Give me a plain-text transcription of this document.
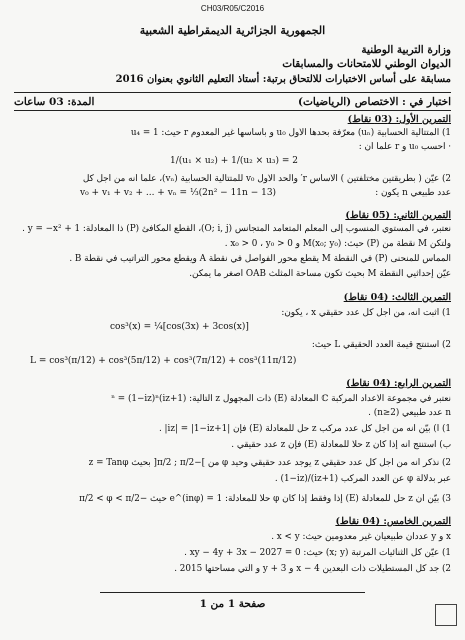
CH03/R05/C2016
الجمهورية الجزائرية الديمقراطية الشعبية
وزارة التربية الوطنية
الديوان الوطني للامتحانات والمسابقات
مسابقة على أساس الاختبارات للالتحاق برتبة: أستاذ التعليم الثانوي بعنوان 2016
اختبار في : الاختصاص (الرياضيات)
المدة: 03 ساعات
التمرين الأول: (03 نقاط)
1) المتتالية الحسابية (uₙ) معرّفة بحدها الأول u₀ و بأساسها غير المعدوم r حيث: u₄ = 1
· احسب u₀ و r علما أن :
1/(u₁ × u₂) + 1/(u₂ × u₃) = 2
2) عيّن ( بطريقتين مختلفتين ) الأساس r′ والحد الأول v₀ للمتتالية الحسابية (vₙ)، علما أنه من أجل كل
عدد طبيعي n يكون :
v₀ + v₁ + v₂ + ... + vₙ = ⅓(2n² − 11n − 13)
التمرين الثاني: (05 نقاط)
نعتبر، في المستوي المنسوب إلى المعلم المتعامد المتجانس (O; i, j)، القطع المكافئ (P) ذا المعادلة: y = −x² + 1 .
ولتكن M نقطة من (P) حيث: M(x₀; y₀) و x₀ > 0 ، y₀ > 0 .
المماس للمنحنى (P) في النقطة M يقطع محور الفواصل في نقطة A ويقطع محور التراتيب في نقطة B .
عيّن إحداثيي النقطة M بحيث تكون مساحة المثلث OAB أصغر ما يمكن.
التمرين الثالث: (04 نقاط)
1) أثبت أنه، من أجل كل عدد حقيقي x ، يكون:
cos³(x) = ¼[cos(3x) + 3cos(x)]
2) استنتج قيمة العدد الحقيقي L حيث:
L = cos³(π/12) + cos³(5π/12) + cos³(7π/12) + cos³(11π/12)
التمرين الرابع: (04 نقاط)
نعتبر في مجموعة الأعداد المركبة ℂ المعادلة (E) ذات المجهول z التالية: (1+iz)ⁿ = (1−iz)ⁿ
n عدد طبيعي (n≥2) .
1) أ) بيّن أنه من أجل كل عدد مركب z حل للمعادلة (E) فإن |1+iz| = |1−iz| .
ب) استنتج أنه إذا كان z حلا للمعادلة (E) فإن z عدد حقيقي .
2) نذكر أنه من أجل كل عدد حقيقي z يوجد عدد حقيقي وحيد φ من ]−π/2 ; π/2[ بحيث z = Tanφ
عبر بدلالة φ عن العدد المركب (1+iz)/(1−iz) .
3) بيّن أن z حل للمعادلة (E) إذا وفقط إذا كان φ حلا للمعادلة: e^(inφ) = 1 حيث −π/2 < φ < π/2
التمرين الخامس: (04 نقاط)
x و y عددان طبيعيان غير معدومين حيث: x < y .
1) عيّن كل الثنائيات المرتبة (x; y) حيث: xy − 4y + 3x − 2027 = 0 .
2) جد كل المستطيلات ذات البعدين x − 4 و y + 3 و التي مساحتها 2015 .
صفحة 1 من 1
